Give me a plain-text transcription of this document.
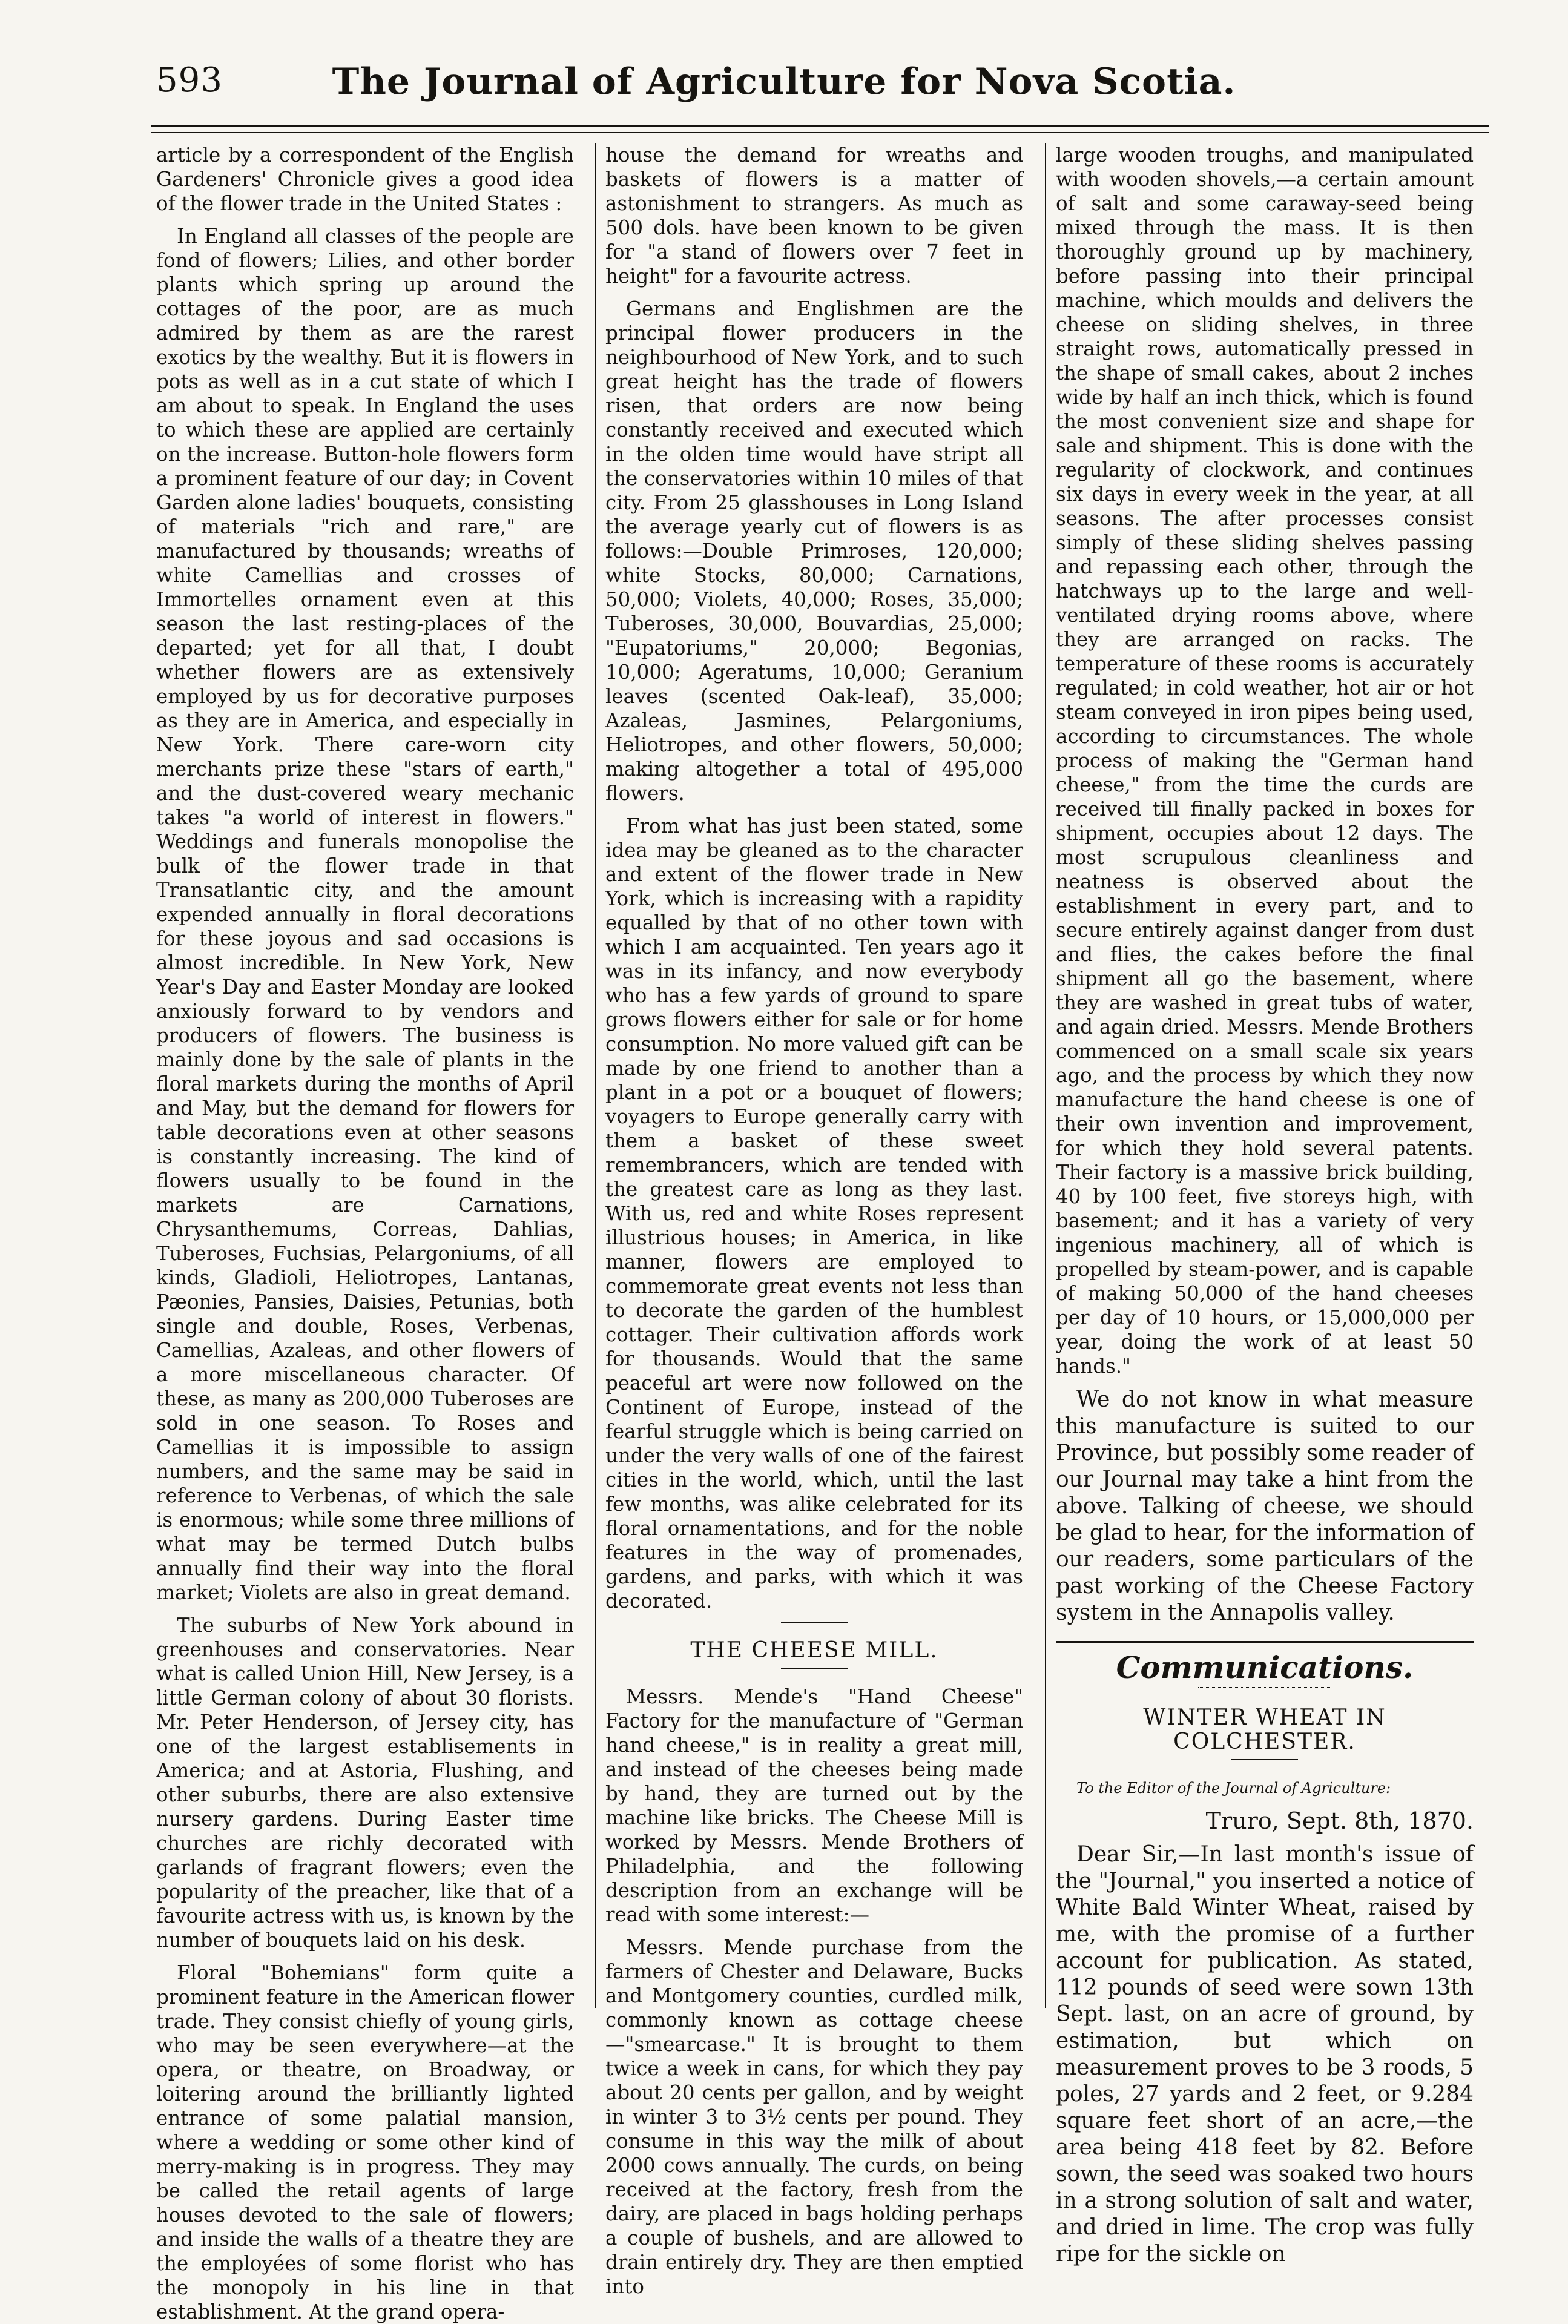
593	The Journal of Agriculture for Nova Scotia.

article by a correspondent of the English Gardeners' Chronicle gives a good idea of the flower trade in the United States :

In England all classes of the people are fond of flowers; Lilies, and other border plants which spring up around the cottages of the poor, are as much admired by them as are the rarest exotics by the wealthy. But it is flowers in pots as well as in a cut state of which I am about to speak. In England the uses to which these are applied are certainly on the increase. Button-hole flowers form a prominent feature of our day; in Covent Garden alone ladies' bouquets, consisting of materials "rich and rare," are manufactured by thousands; wreaths of white Camellias and crosses of Immortelles ornament even at this season the last resting-places of the departed; yet for all that, I doubt whether flowers are as extensively employed by us for decorative purposes as they are in America, and especially in New York. There care-worn city merchants prize these "stars of earth," and the dust-covered weary mechanic takes "a world of interest in flowers." Weddings and funerals monopolise the bulk of the flower trade in that Transatlantic city, and the amount expended annually in floral decorations for these joyous and sad occasions is almost incredible. In New York, New Year's Day and Easter Monday are looked anxiously forward to by vendors and producers of flowers. The business is mainly done by the sale of plants in the floral markets during the months of April and May, but the demand for flowers for table decorations even at other seasons is constantly increasing. The kind of flowers usually to be found in the markets are Carnations, Chrysanthemums, Correas, Dahlias, Tuberoses, Fuchsias, Pelargoniums, of all kinds, Gladioli, Heliotropes, Lantanas, Pæonies, Pansies, Daisies, Petunias, both single and double, Roses, Verbenas, Camellias, Azaleas, and other flowers of a more miscellaneous character. Of these, as many as 200,000 Tuberoses are sold in one season. To Roses and Camellias it is impossible to assign numbers, and the same may be said in reference to Verbenas, of which the sale is enormous; while some three millions of what may be termed Dutch bulbs annually find their way into the floral market; Violets are also in great demand.

The suburbs of New York abound in greenhouses and conservatories. Near what is called Union Hill, New Jersey, is a little German colony of about 30 florists. Mr. Peter Henderson, of Jersey city, has one of the largest establisements in America; and at Astoria, Flushing, and other suburbs, there are also extensive nursery gardens. During Easter time churches are richly decorated with garlands of fragrant flowers; even the popularity of the preacher, like that of a favourite actress with us, is known by the number of bouquets laid on his desk.

Floral "Bohemians" form quite a prominent feature in the American flower trade. They consist chiefly of young girls, who may be seen everywhere—at the opera, or theatre, on Broadway, or loitering around the brilliantly lighted entrance of some palatial mansion, where a wedding or some other kind of merry-making is in progress. They may be called the retail agents of large houses devoted to the sale of flowers; and inside the walls of a theatre they are the employées of some florist who has the monopoly in his line in that establishment. At the grand opera-

house the demand for wreaths and baskets of flowers is a matter of astonishment to strangers. As much as 500 dols. have been known to be given for "a stand of flowers over 7 feet in height" for a favourite actress.

Germans and Englishmen are the principal flower producers in the neighbourhood of New York, and to such great height has the trade of flowers risen, that orders are now being constantly received and executed which in the olden time would have stript all the conservatories within 10 miles of that city. From 25 glasshouses in Long Island the average yearly cut of flowers is as follows:—Double Primroses, 120,000; white Stocks, 80,000; Carnations, 50,000; Violets, 40,000; Roses, 35,000; Tuberoses, 30,000, Bouvardias, 25,000; "Eupatoriums," 20,000; Begonias, 10,000; Ageratums, 10,000; Geranium leaves (scented Oak-leaf), 35,000; Azaleas, Jasmines, Pelargoniums, Heliotropes, and other flowers, 50,000; making altogether a total of 495,000 flowers.

From what has just been stated, some idea may be gleaned as to the character and extent of the flower trade in New York, which is increasing with a rapidity equalled by that of no other town with which I am acquainted. Ten years ago it was in its infancy, and now everybody who has a few yards of ground to spare grows flowers either for sale or for home consumption. No more valued gift can be made by one friend to another than a plant in a pot or a bouquet of flowers; voyagers to Europe generally carry with them a basket of these sweet remembrancers, which are tended with the greatest care as long as they last. With us, red and white Roses represent illustrious houses; in America, in like manner, flowers are employed to commemorate great events not less than to decorate the garden of the humblest cottager. Their cultivation affords work for thousands. Would that the same peaceful art were now followed on the Continent of Europe, instead of the fearful struggle which is being carried on under the very walls of one of the fairest cities in the world, which, until the last few months, was alike celebrated for its floral ornamentations, and for the noble features in the way of promenades, gardens, and parks, with which it was decorated.

THE CHEESE MILL.

Messrs. Mende's "Hand Cheese" Factory for the manufacture of "German hand cheese," is in reality a great mill, and instead of the cheeses being made by hand, they are turned out by the machine like bricks. The Cheese Mill is worked by Messrs. Mende Brothers of Philadelphia, and the following description from an exchange will be read with some interest:—

Messrs. Mende purchase from the farmers of Chester and Delaware, Bucks and Montgomery counties, curdled milk, commonly known as cottage cheese—"smearcase." It is brought to them twice a week in cans, for which they pay about 20 cents per gallon, and by weight in winter 3 to 3½ cents per pound. They consume in this way the milk of about 2000 cows annually. The curds, on being received at the factory, fresh from the dairy, are placed in bags holding perhaps a couple of bushels, and are allowed to drain entirely dry. They are then emptied into

large wooden troughs, and manipulated with wooden shovels,—a certain amount of salt and some caraway-seed being mixed through the mass. It is then thoroughly ground up by machinery, before passing into their principal machine, which moulds and delivers the cheese on sliding shelves, in three straight rows, automatically pressed in the shape of small cakes, about 2 inches wide by half an inch thick, which is found the most convenient size and shape for sale and shipment. This is done with the regularity of clockwork, and continues six days in every week in the year, at all seasons. The after processes consist simply of these sliding shelves passing and repassing each other, through the hatchways up to the large and well-ventilated drying rooms above, where they are arranged on racks. The temperature of these rooms is accurately regulated; in cold weather, hot air or hot steam conveyed in iron pipes being used, according to circumstances. The whole process of making the "German hand cheese," from the time the curds are received till finally packed in boxes for shipment, occupies about 12 days. The most scrupulous cleanliness and neatness is observed about the establishment in every part, and to secure entirely against danger from dust and flies, the cakes before the final shipment all go the basement, where they are washed in great tubs of water, and again dried. Messrs. Mende Brothers commenced on a small scale six years ago, and the process by which they now manufacture the hand cheese is one of their own invention and improvement, for which they hold several patents. Their factory is a massive brick building, 40 by 100 feet, five storeys high, with basement; and it has a variety of very ingenious machinery, all of which is propelled by steam-power, and is capable of making 50,000 of the hand cheeses per day of 10 hours, or 15,000,000 per year, doing the work of at least 50 hands."

We do not know in what measure this manufacture is suited to our Province, but possibly some reader of our Journal may take a hint from the above. Talking of cheese, we should be glad to hear, for the information of our readers, some particulars of the past working of the Cheese Factory system in the Annapolis valley.

Communications.
WINTER WHEAT IN COLCHESTER.

To the Editor of the Journal of Agriculture:

Truro, Sept. 8th, 1870.

Dear Sir,—In last month's issue of the "Journal," you inserted a notice of White Bald Winter Wheat, raised by me, with the promise of a further account for publication. As stated, 112 pounds of seed were sown 13th Sept. last, on an acre of ground, by estimation, but which on measurement proves to be 3 roods, 5 poles, 27 yards and 2 feet, or 9.284 square feet short of an acre,—the area being 418 feet by 82. Before sown, the seed was soaked two hours in a strong solution of salt and water, and dried in lime. The crop was fully ripe for the sickle on
